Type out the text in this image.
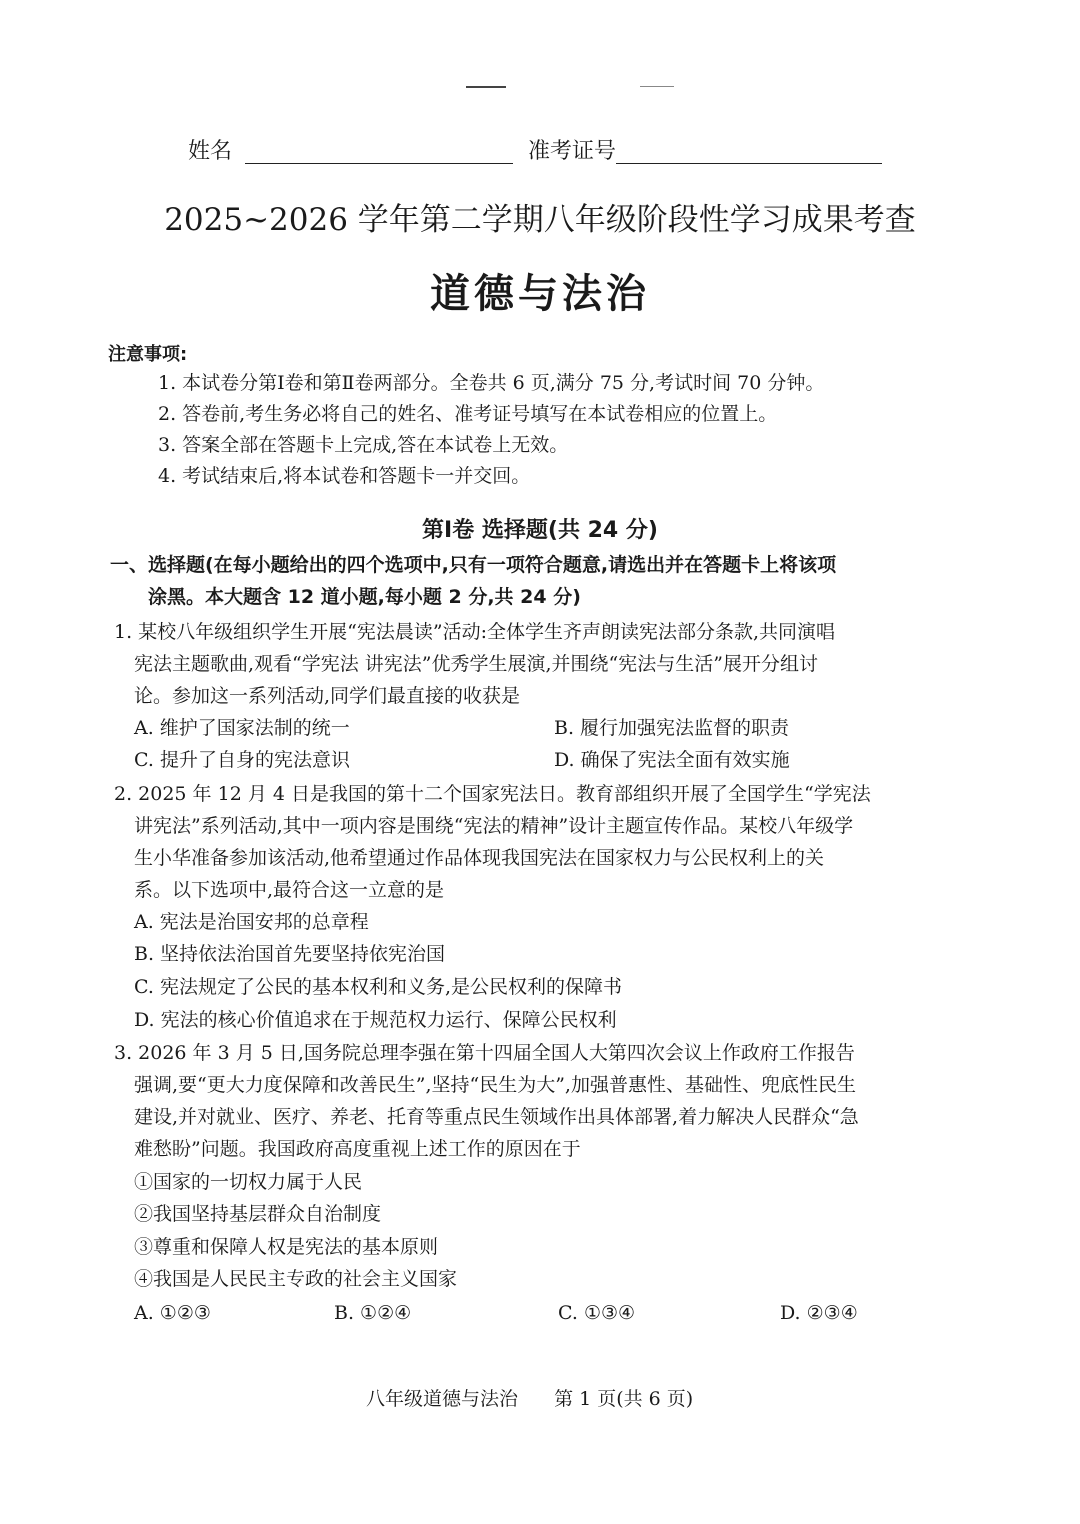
姓名	准考证号
2025~2026 学年第二学期八年级阶段性学习成果考查
道德与法治
注意事项:
1. 本试卷分第Ⅰ卷和第Ⅱ卷两部分。全卷共 6 页,满分 75 分,考试时间 70 分钟。
2. 答卷前,考生务必将自己的姓名、准考证号填写在本试卷相应的位置上。
3. 答案全部在答题卡上完成,答在本试卷上无效。
4. 考试结束后,将本试卷和答题卡一并交回。
第Ⅰ卷 选择题(共 24 分)
一、选择题(在每小题给出的四个选项中,只有一项符合题意,请选出并在答题卡上将该项
涂黑。本大题含 12 道小题,每小题 2 分,共 24 分)
1. 某校八年级组织学生开展“宪法晨读”活动:全体学生齐声朗读宪法部分条款,共同演唱
宪法主题歌曲,观看“学宪法 讲宪法”优秀学生展演,并围绕“宪法与生活”展开分组讨
论。参加这一系列活动,同学们最直接的收获是
A. 维护了国家法制的统一	B. 履行加强宪法监督的职责
C. 提升了自身的宪法意识	D. 确保了宪法全面有效实施
2. 2025 年 12 月 4 日是我国的第十二个国家宪法日。教育部组织开展了全国学生“学宪法
讲宪法”系列活动,其中一项内容是围绕“宪法的精神”设计主题宣传作品。某校八年级学
生小华准备参加该活动,他希望通过作品体现我国宪法在国家权力与公民权利上的关
系。以下选项中,最符合这一立意的是
A. 宪法是治国安邦的总章程
B. 坚持依法治国首先要坚持依宪治国
C. 宪法规定了公民的基本权利和义务,是公民权利的保障书
D. 宪法的核心价值追求在于规范权力运行、保障公民权利
3. 2026 年 3 月 5 日,国务院总理李强在第十四届全国人大第四次会议上作政府工作报告
强调,要“更大力度保障和改善民生”,坚持“民生为大”,加强普惠性、基础性、兜底性民生
建设,并对就业、医疗、养老、托育等重点民生领域作出具体部署,着力解决人民群众“急
难愁盼”问题。我国政府高度重视上述工作的原因在于
①国家的一切权力属于人民
②我国坚持基层群众自治制度
③尊重和保障人权是宪法的基本原则
④我国是人民民主专政的社会主义国家
A. ①②③	B. ①②④	C. ①③④	D. ②③④
八年级道德与法治 第 1 页(共 6 页)
